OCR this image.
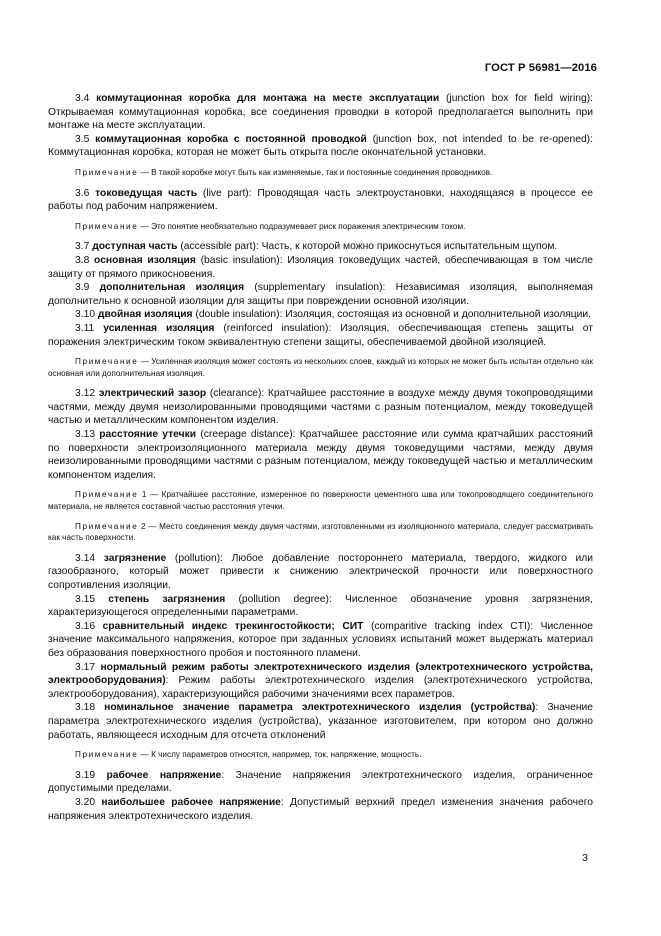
ГОСТ Р 56981—2016

3.4 коммутационная коробка для монтажа на месте эксплуатации (junction box for field wiring): Открываемая коммутационная коробка, все соединения проводки в которой предполагается выполнить при монтаже на месте эксплуатации.

3.5 коммутационная коробка с постоянной проводкой (junction box, not intended to be re-opened): Коммутационная коробка, которая не может быть открыта после окончательной установки.

Примечание — В такой коробке могут быть как изменяемые, так и постоянные соединения проводников.

3.6 токоведущая часть (live part): Проводящая часть электроустановки, находящаяся в процессе ее работы под рабочим напряжением.

Примечание — Это понятие необязательно подразумевает риск поражения электрическим током.

3.7 доступная часть (accessible part): Часть, к которой можно прикоснуться испытательным щупом.

3.8 основная изоляция (basic insulation): Изоляция токоведущих частей, обеспечивающая в том числе защиту от прямого прикосновения.

3.9 дополнительная изоляция (supplementary insulation): Независимая изоляция, выполняемая дополнительно к основной изоляции для защиты при повреждении основной изоляции.

3.10 двойная изоляция (double insulation): Изоляция, состоящая из основной и дополнительной изоляции.

3.11 усиленная изоляция (reinforced insulation): Изоляция, обеспечивающая степень защиты от поражения электрическим током эквивалентную степени защиты, обеспечиваемой двойной изоляцией.

Примечание — Усиленная изоляция может состоять из нескольких слоев, каждый из которых не может быть испытан отдельно как основная или дополнительная изоляция.

3.12 электрический зазор (clearance): Кратчайшее расстояние в воздухе между двумя токопроводящими частями, между двумя неизолированными проводящими частями с разным потенциалом, между токоведущей частью и металлическим компонентом изделия.

3.13 расстояние утечки (creepage distance): Кратчайшее расстояние или сумма кратчайших расстояний по поверхности электроизоляционного материала между двумя токоведущими частями, между двумя неизолированными проводящими частями с разным потенциалом, между токоведущей частью и металлическим компонентом изделия.

Примечание 1 — Кратчайшее расстояние, измеренное по поверхности цементного шва или токопроводящего соединительного материала, не является составной частью расстояния утечки.

Примечание 2 — Место соединения между двумя частями, изготовленными из изоляционного материала, следует рассматривать как часть поверхности.

3.14 загрязнение (pollution): Любое добавление постороннего материала, твердого, жидкого или газообразного, который может привести к снижению электрической прочности или поверхностного сопротивления изоляции.

3.15 степень загрязнения (pollution degree): Численное обозначение уровня загрязнения, характеризующегося определенными параметрами.

3.16 сравнительный индекс трекингостойкости; СИТ (comparitive tracking index CTI): Численное значение максимального напряжения, которое при заданных условиях испытаний может выдержать материал без образования поверхностного пробоя и постоянного пламени.

3.17 нормальный режим работы электротехнического изделия (электротехнического устройства, электрооборудования): Режим работы электротехнического изделия (электротехнического устройства, электрооборудования), характеризующийся рабочими значениями всех параметров.

3.18 номинальное значение параметра электротехнического изделия (устройства): Значение параметра электротехнического изделия (устройства), указанное изготовителем, при котором оно должно работать, являющееся исходным для отсчета отклонений

Примечание — К числу параметров относятся, например, ток, напряжение, мощность.

3.19 рабочее напряжение: Значение напряжения электротехнического изделия, ограниченное допустимыми пределами.

3.20 наибольшее рабочее напряжение: Допустимый верхний предел изменения значения рабочего напряжения электротехнического изделия.

3
